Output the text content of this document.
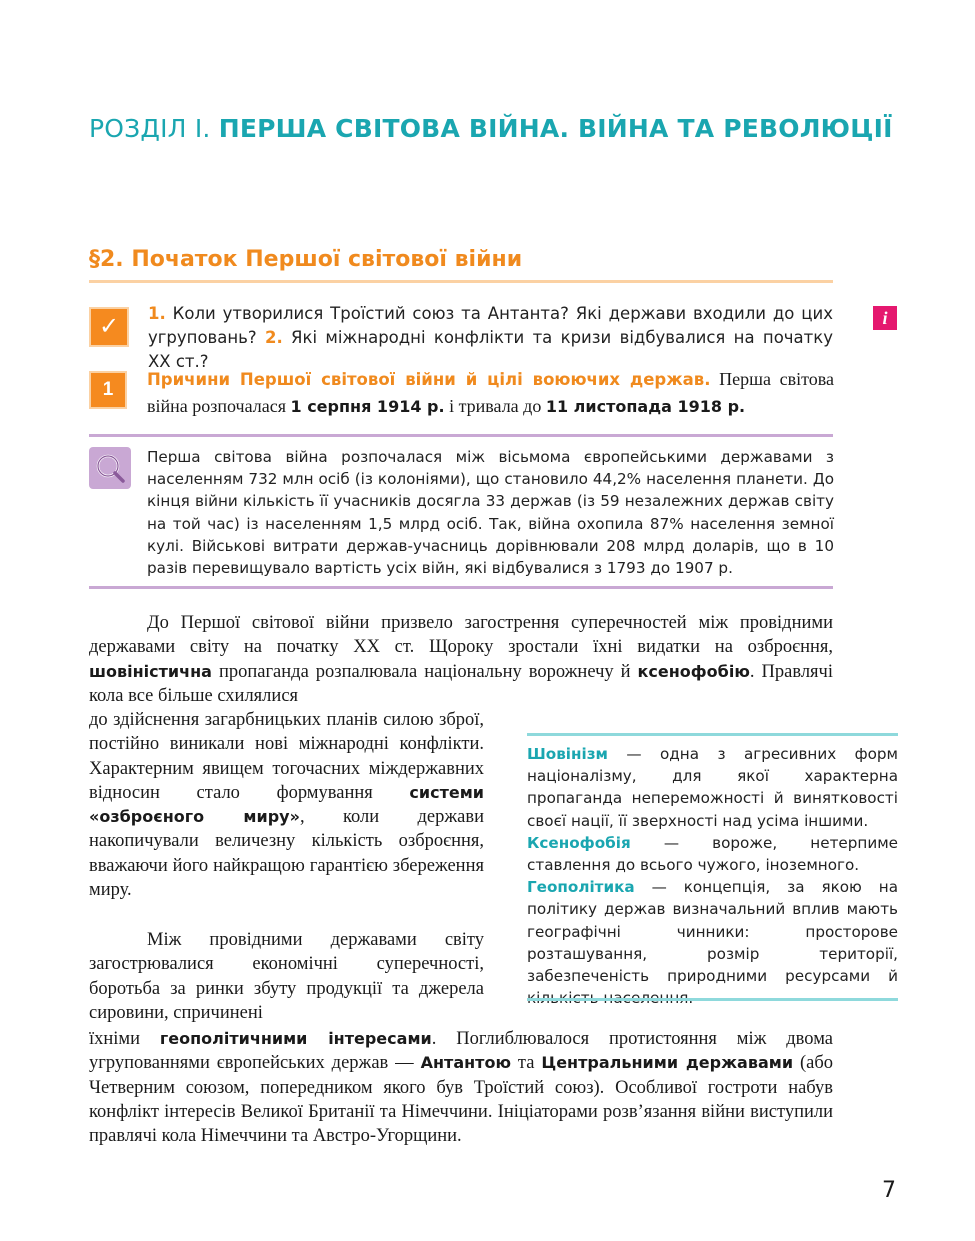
РОЗДІЛ I. ПЕРША СВІТОВА ВІЙНА. ВІЙНА ТА РЕВОЛЮЦІЇ
§2. Початок Першої світової війни
✓	i
1. Коли утворилися Троїстий союз та Антанта? Які держави входили до цих угруповань? 2. Які міжнародні конфлікти та кризи відбувалися на початку XX ст.?
1	Причини Першої світової війни й цілі воюючих держав. Перша світова війна розпочалася 1 серпня 1914 р. і тривала до 11 листопада 1918 р.
Перша світова війна розпочалася між вісьмома європейськими державами з населенням 732 млн осіб (із колоніями), що становило 44,2% населення планети. До кінця війни кількість її учасників досягла 33 держав (із 59 незалежних держав світу на той час) із населенням 1,5 млрд осіб. Так, війна охопила 87% населення земної кулі. Військові витрати держав-учасниць дорівнювали 208 млрд доларів, що в 10 разів перевищувало вартість усіх війн, які відбувалися з 1793 до 1907 р.
До Першої світової війни призвело загострення суперечностей між провідними державами світу на початку XX ст. Щороку зростали їхні видатки на озброєння, шовіністична пропаганда розпалювала національну ворожнечу й ксенофобію. Правлячі кола все більше схилялися
до здійснення загарбницьких планів силою зброї, постійно виникали нові міжнародні конфлікти. Характерним явищем тогочасних міждержавних відносин стало формування системи «озброєного миру», коли держави накопичували величезну кількість озброєння, вважаючи його найкращою гарантією збереження миру.
Між провідними державами світу загострювалися економічні суперечності, боротьба за ринки збуту продукції та джерела сировини, спричинені
їхніми геополітичними інтересами. Поглиблювалося протистояння між двома угрупованнями європейських держав — Антантою та Центральними державами (або Четверним союзом, попередником якого був Троїстий союз). Особливої гостроти набув конфлікт інтересів Великої Британії та Німеччини. Ініціаторами розв’язання війни виступили правлячі кола Німеччини та Австро-Угорщини.
Шовінізм — одна з агресивних форм націоналізму, для якої характерна пропаганда непереможності й винятковості своєї нації, її зверхності над усіма іншими.
Ксенофобія — вороже, нетерпиме ставлення до всього чужого, іноземного.
Геополітика — концепція, за якою на політику держав визначальний вплив мають географічні чинники: просторове розташування, розмір території, забезпеченість природними ресурсами й
7
